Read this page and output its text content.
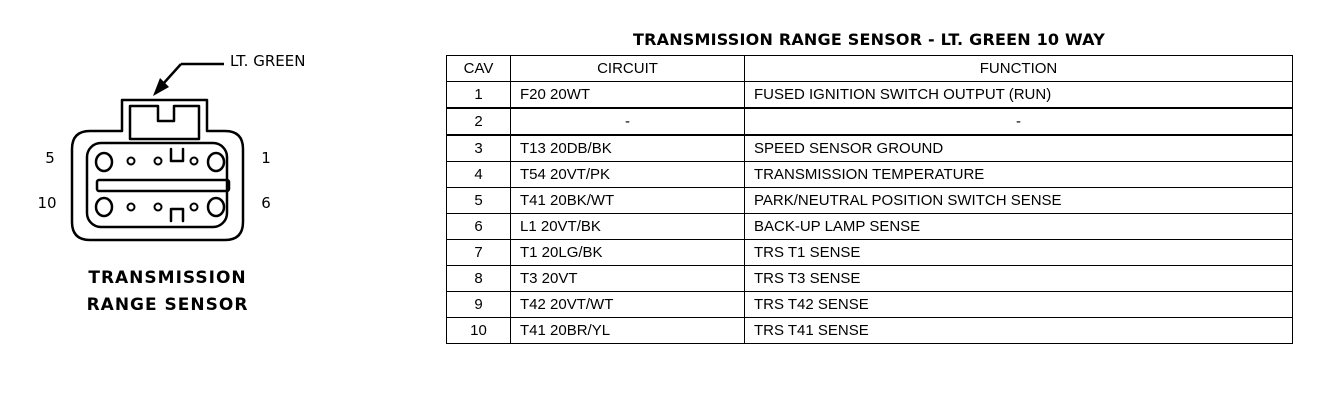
LT. GREEN
5	1
10	6
TRANSMISSION
RANGE SENSOR
TRANSMISSION RANGE SENSOR - LT. GREEN 10 WAY
CAV	CIRCUIT	FUNCTION
1	F20 20WT	FUSED IGNITION SWITCH OUTPUT (RUN)
2	-	-
3	T13 20DB/BK	SPEED SENSOR GROUND
4	T54 20VT/PK	TRANSMISSION TEMPERATURE
5	T41 20BK/WT	PARK/NEUTRAL POSITION SWITCH SENSE
6	L1 20VT/BK	BACK-UP LAMP SENSE
7	T1 20LG/BK	TRS T1 SENSE
8	T3 20VT	TRS T3 SENSE
9	T42 20VT/WT	TRS T42 SENSE
10	T41 20BR/YL	TRS T41 SENSE
